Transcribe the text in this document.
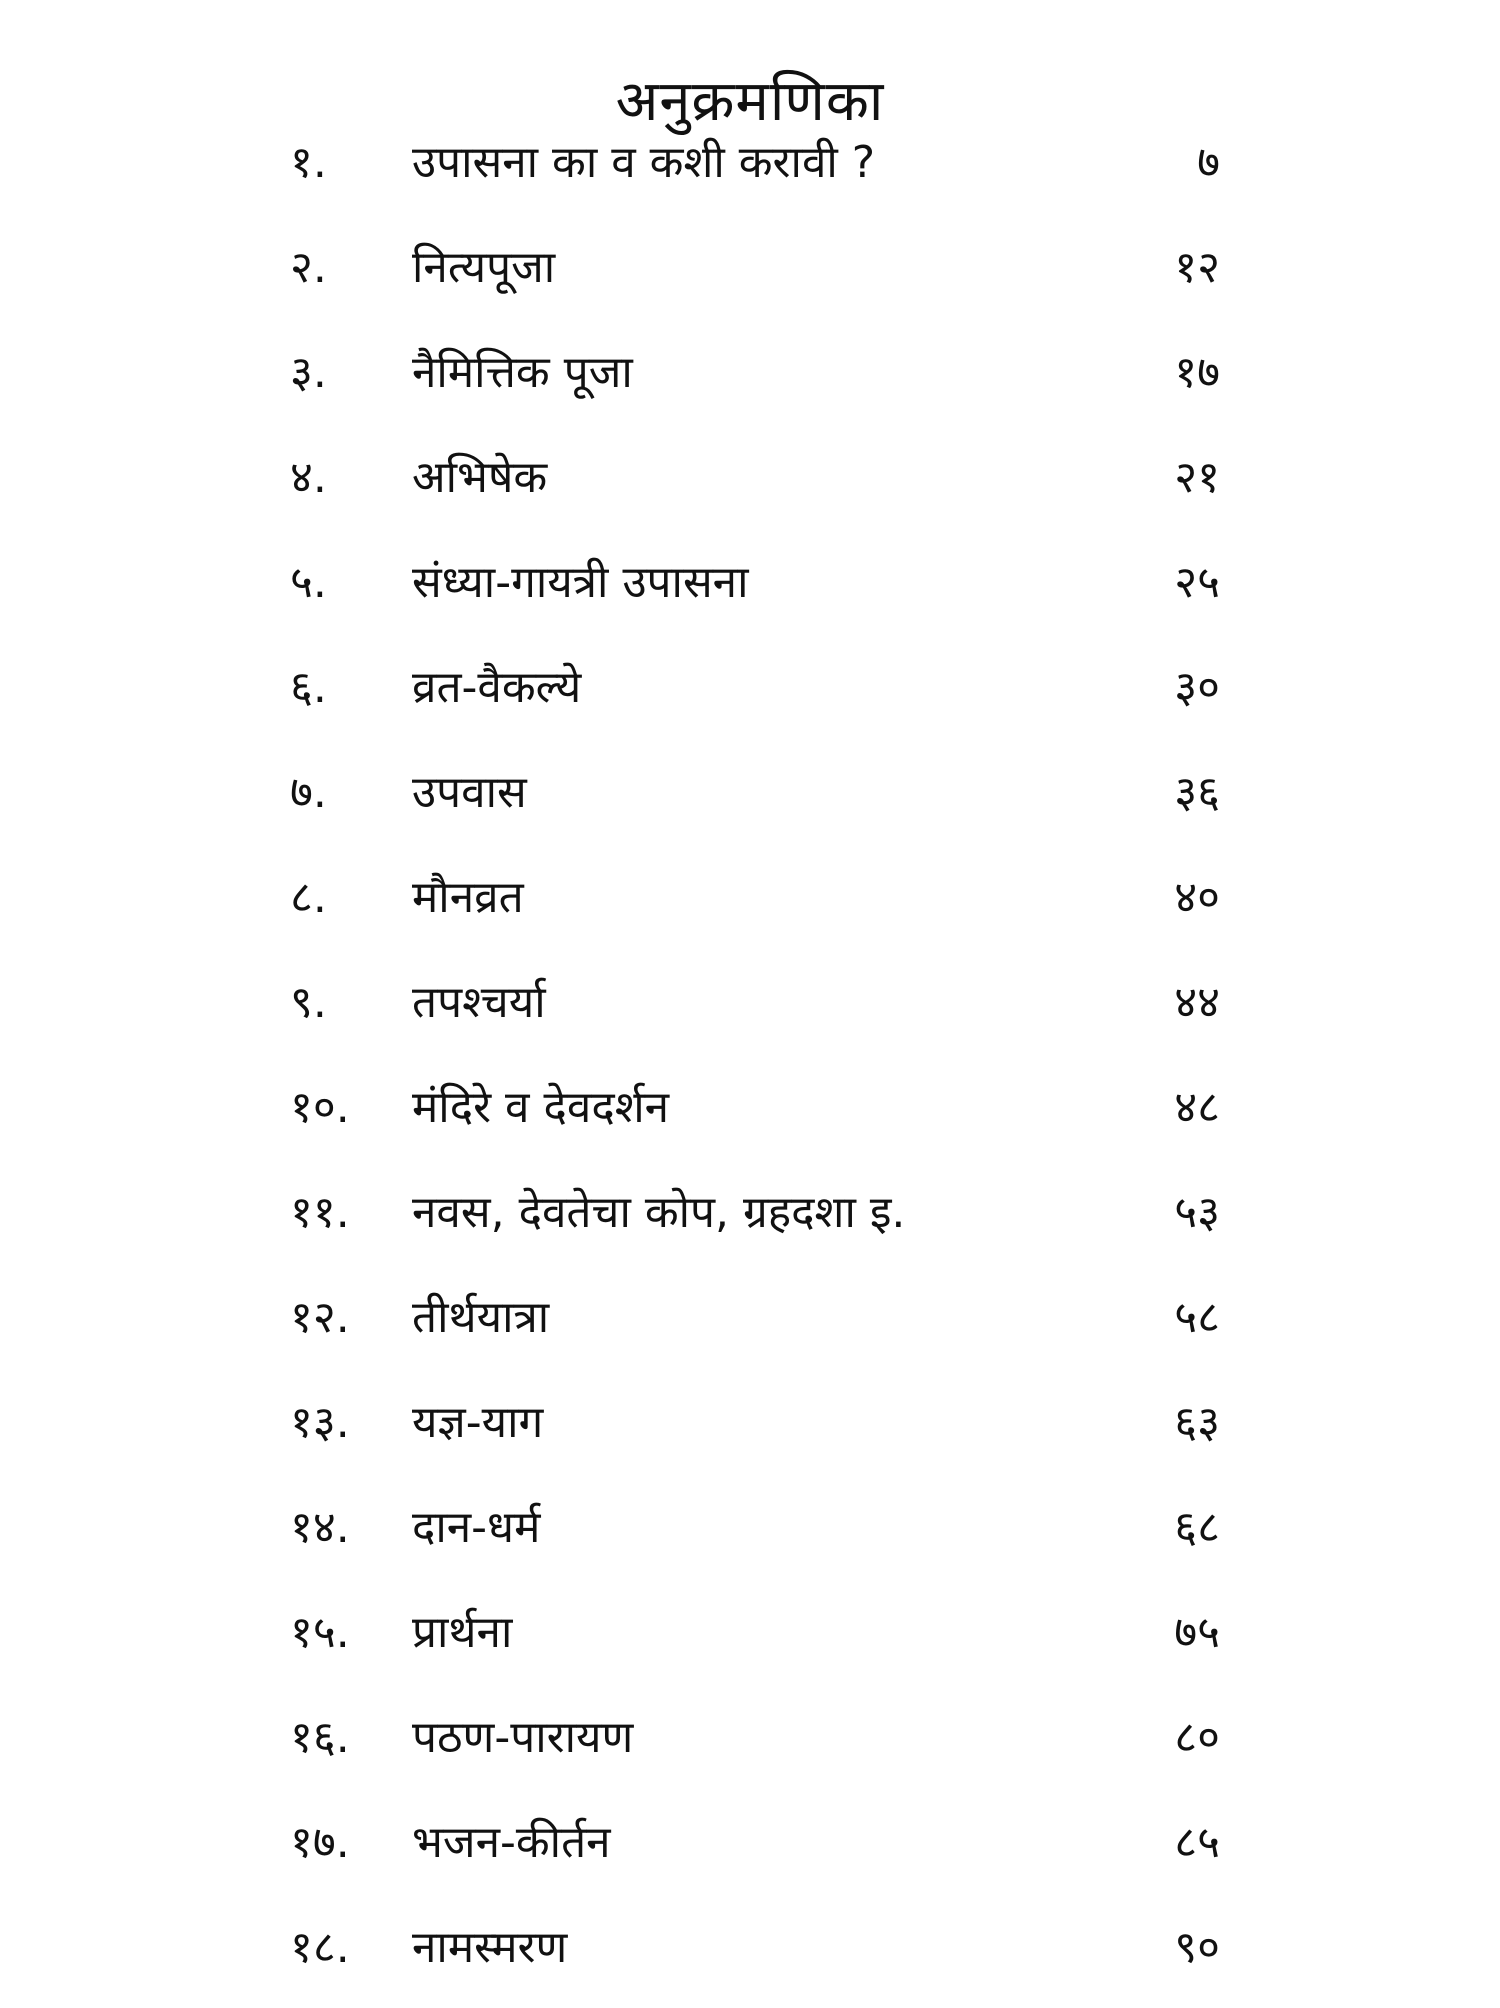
अनुक्रमणिका
१.	उपासना का व कशी करावी ?	७
२.	नित्यपूजा	१२
३.	नैमित्तिक पूजा	१७
४.	अभिषेक	२१
५.	संध्या-गायत्री उपासना	२५
६.	व्रत-वैकल्ये	३०
७.	उपवास	३६
८.	मौनव्रत	४०
९.	तपश्चर्या	४४
१०.	मंदिरे व देवदर्शन	४८
११.	नवस, देवतेचा कोप, ग्रहदशा इ.	५३
१२.	तीर्थयात्रा	५८
१३.	यज्ञ-याग	६३
१४.	दान-धर्म	६८
१५.	प्रार्थना	७५
१६.	पठण-पारायण	८०
१७.	भजन-कीर्तन	८५
१८.	नामस्मरण	९०
